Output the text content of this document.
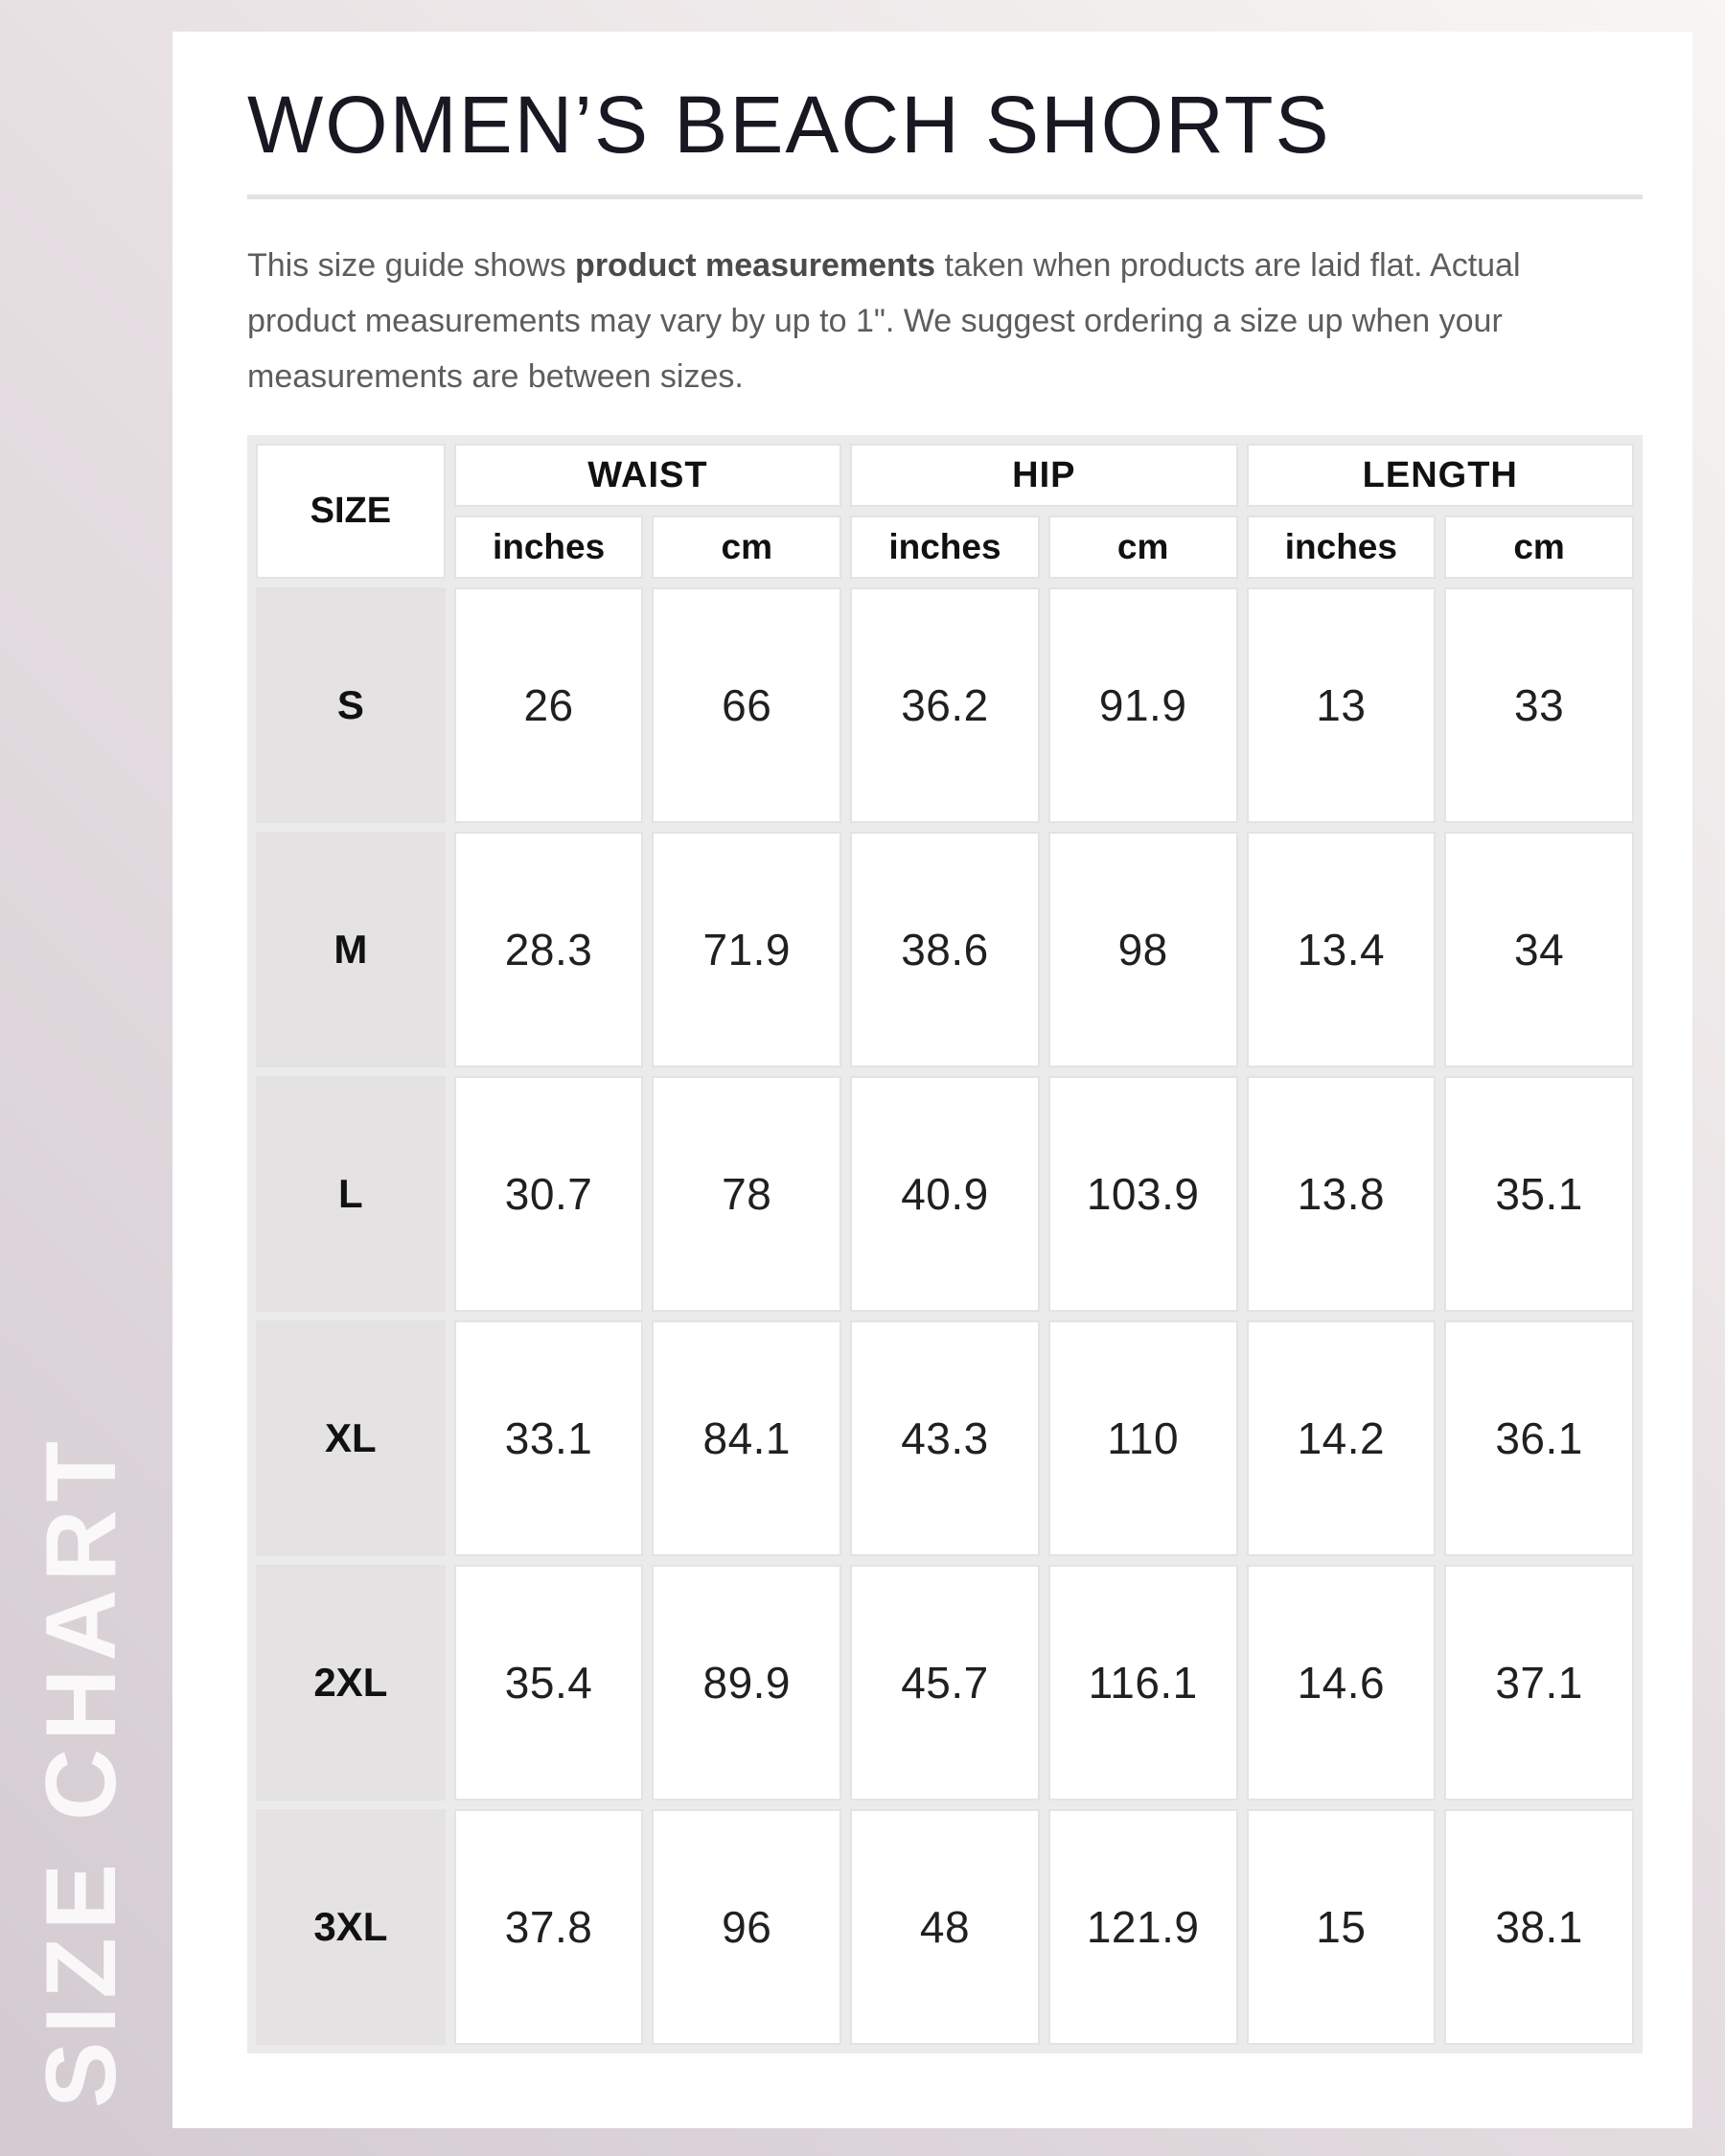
SIZE CHART
WOMEN’S BEACH SHORTS

This size guide shows product measurements taken when products are laid flat. Actual product measurements may vary by up to 1". We suggest ordering a size up when your measurements are between sizes.

SIZE	WAIST		HIP		LENGTH	
	inches	cm	inches	cm	inches	cm
S	26	66	36.2	91.9	13	33
M	28.3	71.9	38.6	98	13.4	34
L	30.7	78	40.9	103.9	13.8	35.1
XL	33.1	84.1	43.3	110	14.2	36.1
2XL	35.4	89.9	45.7	116.1	14.6	37.1
3XL	37.8	96	48	121.9	15	38.1
